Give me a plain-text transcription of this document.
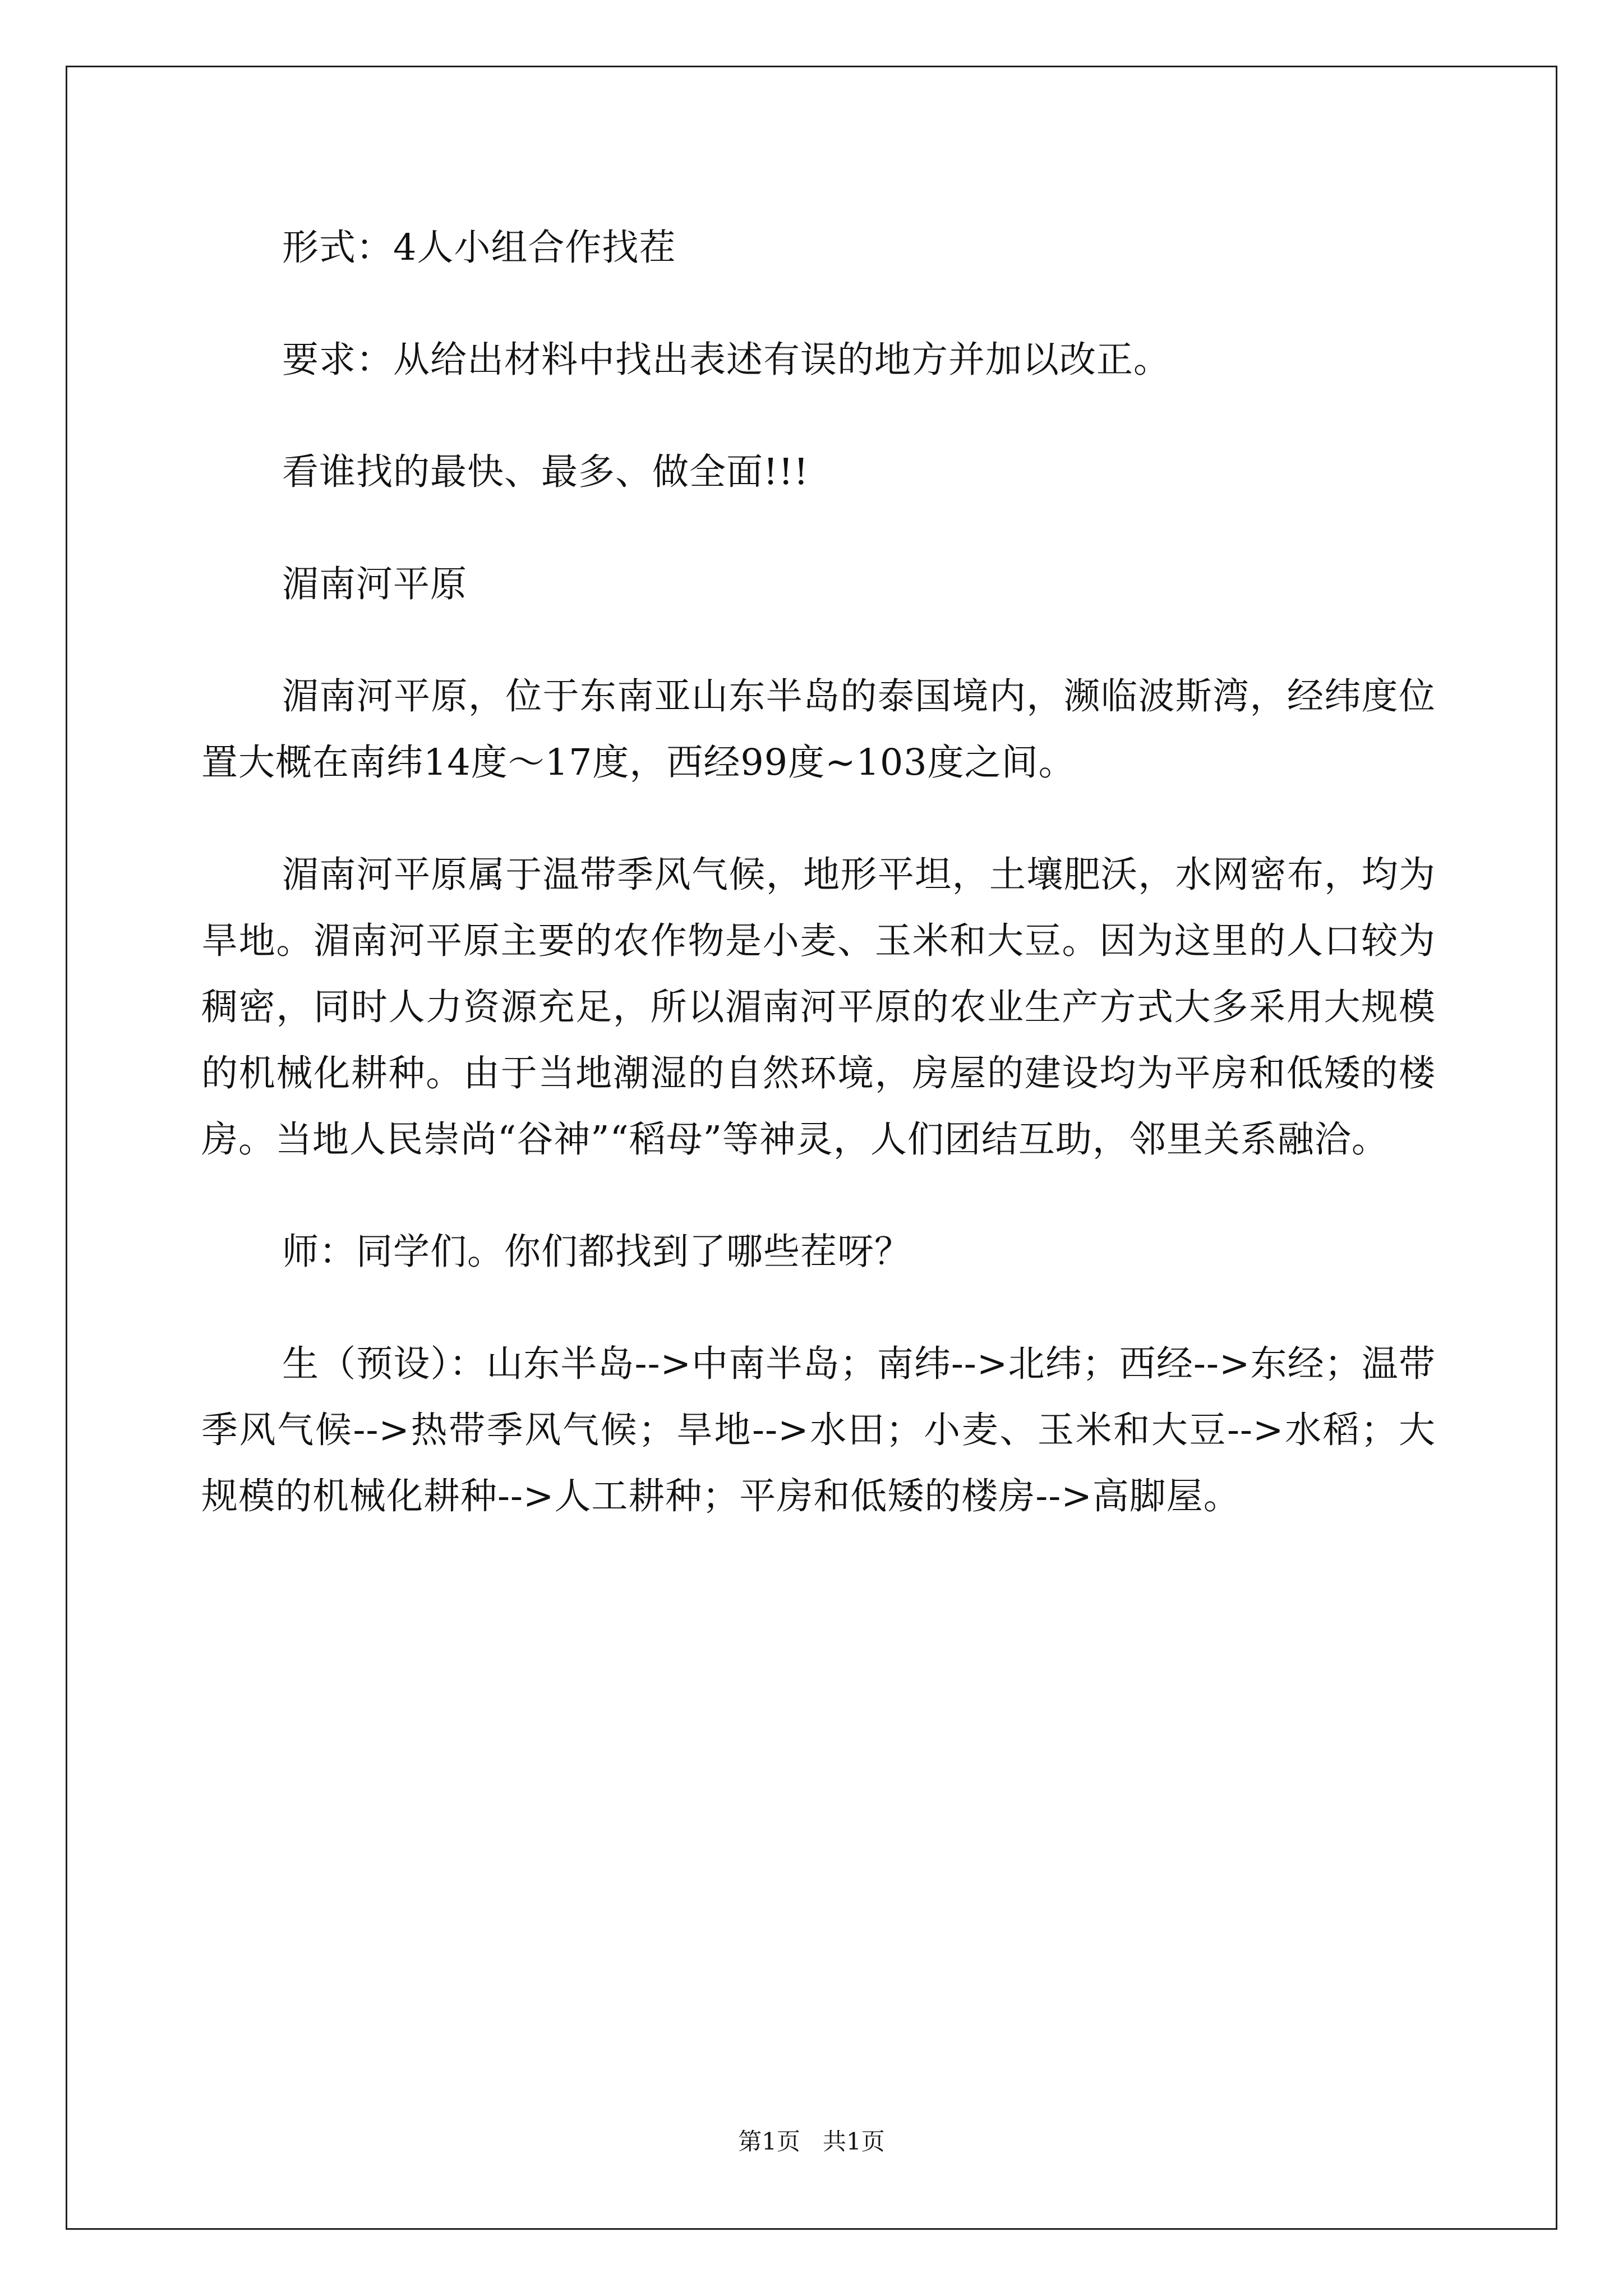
形式：4人小组合作找茬

要求：从给出材料中找出表述有误的地方并加以改正。

看谁找的最快、最多、做全面!!!

湄南河平原

湄南河平原，位于东南亚山东半岛的泰国境内，濒临波斯湾，经纬度位置大概在南纬14度～17度，西经99度~103度之间。

湄南河平原属于温带季风气候，地形平坦，土壤肥沃，水网密布，均为旱地。湄南河平原主要的农作物是小麦、玉米和大豆。因为这里的人口较为稠密，同时人力资源充足，所以湄南河平原的农业生产方式大多采用大规模的机械化耕种。由于当地潮湿的自然环境，房屋的建设均为平房和低矮的楼房。当地人民崇尚“谷神”“稻母”等神灵，人们团结互助，邻里关系融洽。

师：同学们。你们都找到了哪些茬呀？

生（预设）：山东半岛-->中南半岛；南纬-->北纬；西经-->东经；温带季风气候-->热带季风气候；旱地-->水田；小麦、玉米和大豆-->水稻；大规模的机械化耕种-->人工耕种；平房和低矮的楼房-->高脚屋。

第1页 共1页
